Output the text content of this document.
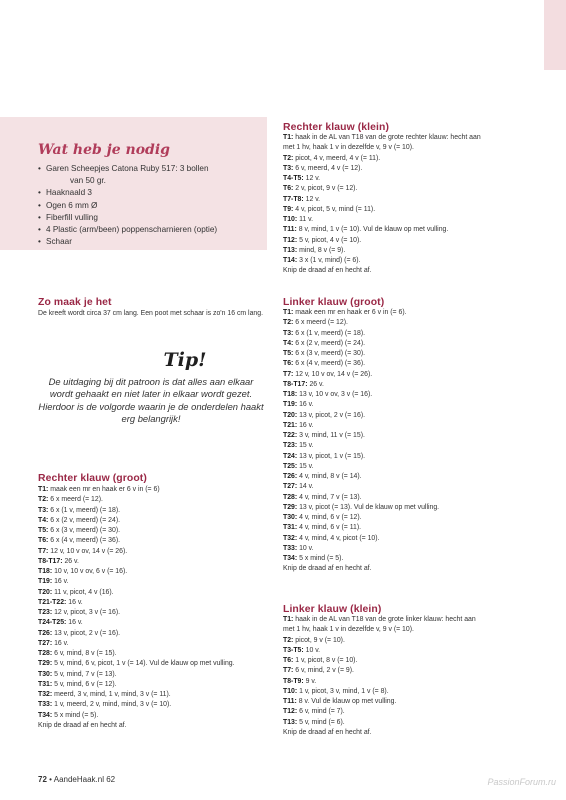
Wat heb je nodig
• Garen Scheepjes Catona Ruby 517: 3 bollen
van 50 gr.
• Haaknaald 3
• Ogen 6 mm Ø
• Fiberfill vulling
• 4 Plastic (arm/been) poppenscharnieren (optie)
• Schaar
Zo maak je het

De kreeft wordt circa 37 cm lang. Een poot met schaar is zo'n 16 cm lang.

Tip!

De uitdaging bij dit patroon is dat alles aan elkaar wordt gehaakt en niet later in elkaar wordt gezet. Hierdoor is de volgorde waarin je de onderdelen haakt erg belangrijk!

Rechter klauw (groot)
T1: maak een mr en haak er 6 v in (= 6)
T2: 6 x meerd (= 12).
T3: 6 x (1 v, meerd) (= 18).
T4: 6 x (2 v, meerd) (= 24).
T5: 6 x (3 v, meerd) (= 30).
T6: 6 x (4 v, meerd) (= 36).
T7: 12 v, 10 v ov, 14 v (= 26).
T8-T17: 26 v.
T18: 10 v, 10 v ov, 6 v (= 16).
T19: 16 v.
T20: 11 v, picot, 4 v (16).
T21-T22: 16 v.
T23: 12 v, picot, 3 v (= 16).
T24-T25: 16 v.
T26: 13 v, picot, 2 v (= 16).
T27: 16 v.
T28: 6 v, mind, 8 v (= 15).
T29: 5 v, mind, 6 v, picot, 1 v (= 14). Vul de klauw op met vulling.
T30: 5 v, mind, 7 v (= 13).
T31: 5 v, mind, 6 v (= 12).
T32: meerd, 3 v, mind, 1 v, mind, 3 v (= 11).
T33: 1 v, meerd, 2 v, mind, mind, 3 v (= 10).
T34: 5 x mind (= 5).
Knip de draad af en hecht af.
Rechter klauw (klein)
T1: haak in de AL van T18 van de grote rechter klauw: hecht aan
met 1 hv, haak 1 v in dezelfde v, 9 v (= 10).
T2: picot, 4 v, meerd, 4 v (= 11).
T3: 6 v, meerd, 4 v (= 12).
T4-T5: 12 v.
T6: 2 v, picot, 9 v (= 12).
T7-T8: 12 v.
T9: 4 v, picot, 5 v, mind (= 11).
T10: 11 v.
T11: 8 v, mind, 1 v (= 10). Vul de klauw op met vulling.
T12: 5 v, picot, 4 v (= 10).
T13: mind, 8 v (= 9).
T14: 3 x (1 v, mind) (= 6).
Knip de draad af en hecht af.
Linker klauw (groot)
T1: maak een mr en haak er 6 v in (= 6).
T2: 6 x meerd (= 12).
T3: 6 x (1 v, meerd) (= 18).
T4: 6 x (2 v, meerd) (= 24).
T5: 6 x (3 v, meerd) (= 30).
T6: 6 x (4 v, meerd) (= 36).
T7: 12 v, 10 v ov, 14 v (= 26).
T8-T17: 26 v.
T18: 13 v, 10 v ov, 3 v (= 16).
T19: 16 v.
T20: 13 v, picot, 2 v (= 16).
T21: 16 v.
T22: 3 v, mind, 11 v (= 15).
T23: 15 v.
T24: 13 v, picot, 1 v (= 15).
T25: 15 v.
T26: 4 v, mind, 8 v (= 14).
T27: 14 v.
T28: 4 v, mind, 7 v (= 13).
T29: 13 v, picot (= 13). Vul de klauw op met vulling.
T30: 4 v, mind, 6 v (= 12).
T31: 4 v, mind, 6 v (= 11).
T32: 4 v, mind, 4 v, picot (= 10).
T33: 10 v.
T34: 5 x mind (= 5).
Knip de draad af en hecht af.
Linker klauw (klein)
T1: haak in de AL van T18 van de grote linker klauw: hecht aan
met 1 hv, haak 1 v in dezelfde v, 9 v (= 10).
T2: picot, 9 v (= 10).
T3-T5: 10 v.
T6: 1 v, picot, 8 v (= 10).
T7: 6 v, mind, 2 v (= 9).
T8-T9: 9 v.
T10: 1 v, picot, 3 v, mind, 1 v (= 8).
T11: 8 v. Vul de klauw op met vulling.
T12: 6 v, mind (= 7).
T13: 5 v, mind (= 6).
Knip de draad af en hecht af.

72 • AandeHaak.nl 62	PassionForum.ru
